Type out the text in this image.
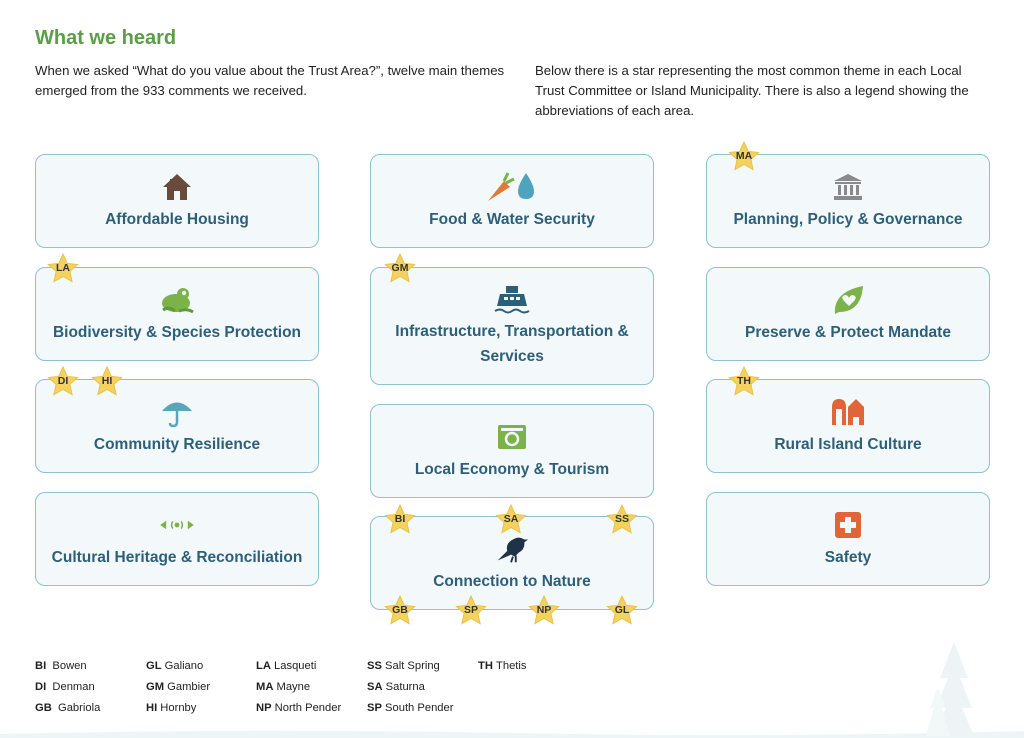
What we heard

When we asked “What do you value about the Trust Area?”, twelve main themes emerged from the 933 comments we received.

Below there is a star representing the most common theme in each Local Trust Committee or Island Municipality. There is also a legend showing the abbreviations of each area.

Affordable Housing
Biodiversity & Species Protection
Community Resilience
Cultural Heritage & Reconciliation
Food & Water Security
Infrastructure, Transportation & Services
Local Economy & Tourism
Connection to Nature
Planning, Policy & Governance
Preserve & Protect Mandate
Rural Island Culture
Safety
LA
DI	HI
GM
BI	SA	SS
GB	SP	NP	GL
MA
TH
BI Bowen
DI Denman
GB Gabriola
GL Galiano
GM Gambier
HI Hornby
LA Lasqueti
MA Mayne
NP North Pender
SS Salt Spring
SA Saturna
SP South Pender
TH Thetis
